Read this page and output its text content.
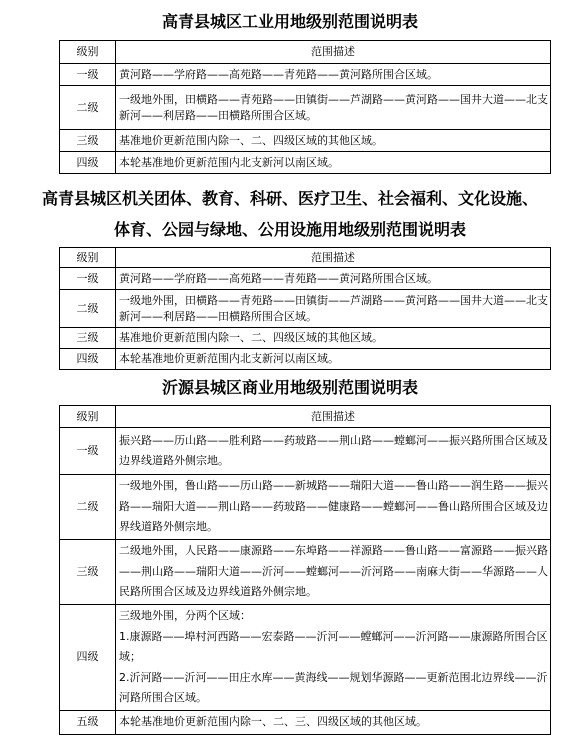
高青县城区工业用地级别范围说明表
级别	范围描述
一级	黄河路——学府路——高苑路——青苑路——黄河路所围合区域。
二级	一级地外围，田横路——青苑路——田镇街——芦湖路——黄河路——国井大道——北支新河——利居路——田横路所围合区域。
三级	基准地价更新范围内除一、二、四级区域的其他区域。
四级	本轮基准地价更新范围内北支新河以南区域。
高青县城区机关团体、教育、科研、医疗卫生、社会福利、文化设施、
体育、公园与绿地、公用设施用地级别范围说明表
级别	范围描述
一级	黄河路——学府路——高苑路——青苑路——黄河路所围合区域。
二级	一级地外围，田横路——青苑路——田镇街——芦湖路——黄河路——国井大道——北支新河——利居路——田横路所围合区域。
三级	基准地价更新范围内除一、二、四级区域的其他区域。
四级	本轮基准地价更新范围内北支新河以南区域。
沂源县城区商业用地级别范围说明表
级别	范围描述
一级	振兴路——历山路——胜利路——药玻路——荆山路——螳螂河——振兴路所围合区域及边界线道路外侧宗地。

二级	一级地外围，鲁山路——历山路——新城路——瑞阳大道——鲁山路——润生路——振兴路——瑞阳大道——荆山路——药玻路——健康路——螳螂河——鲁山路所围合区域及边界线道路外侧宗地。

三级	二级地外围，人民路——康源路——东埠路——祥源路——鲁山路——富源路——振兴路——荆山路——瑞阳大道——沂河——螳螂河——沂河路——南麻大街——华源路——人民路所围合区域及边界线道路外侧宗地。

四级	三级地外围，分两个区域：
1.康源路——埠村河西路——宏泰路——沂河——螳螂河——沂河路——康源路所围合区域；
2.沂河路——沂河——田庄水库——黄海线——规划华源路——更新范围北边界线——沂河路所围合区域。

五级	本轮基准地价更新范围内除一、二、三、四级区域的其他区域。
